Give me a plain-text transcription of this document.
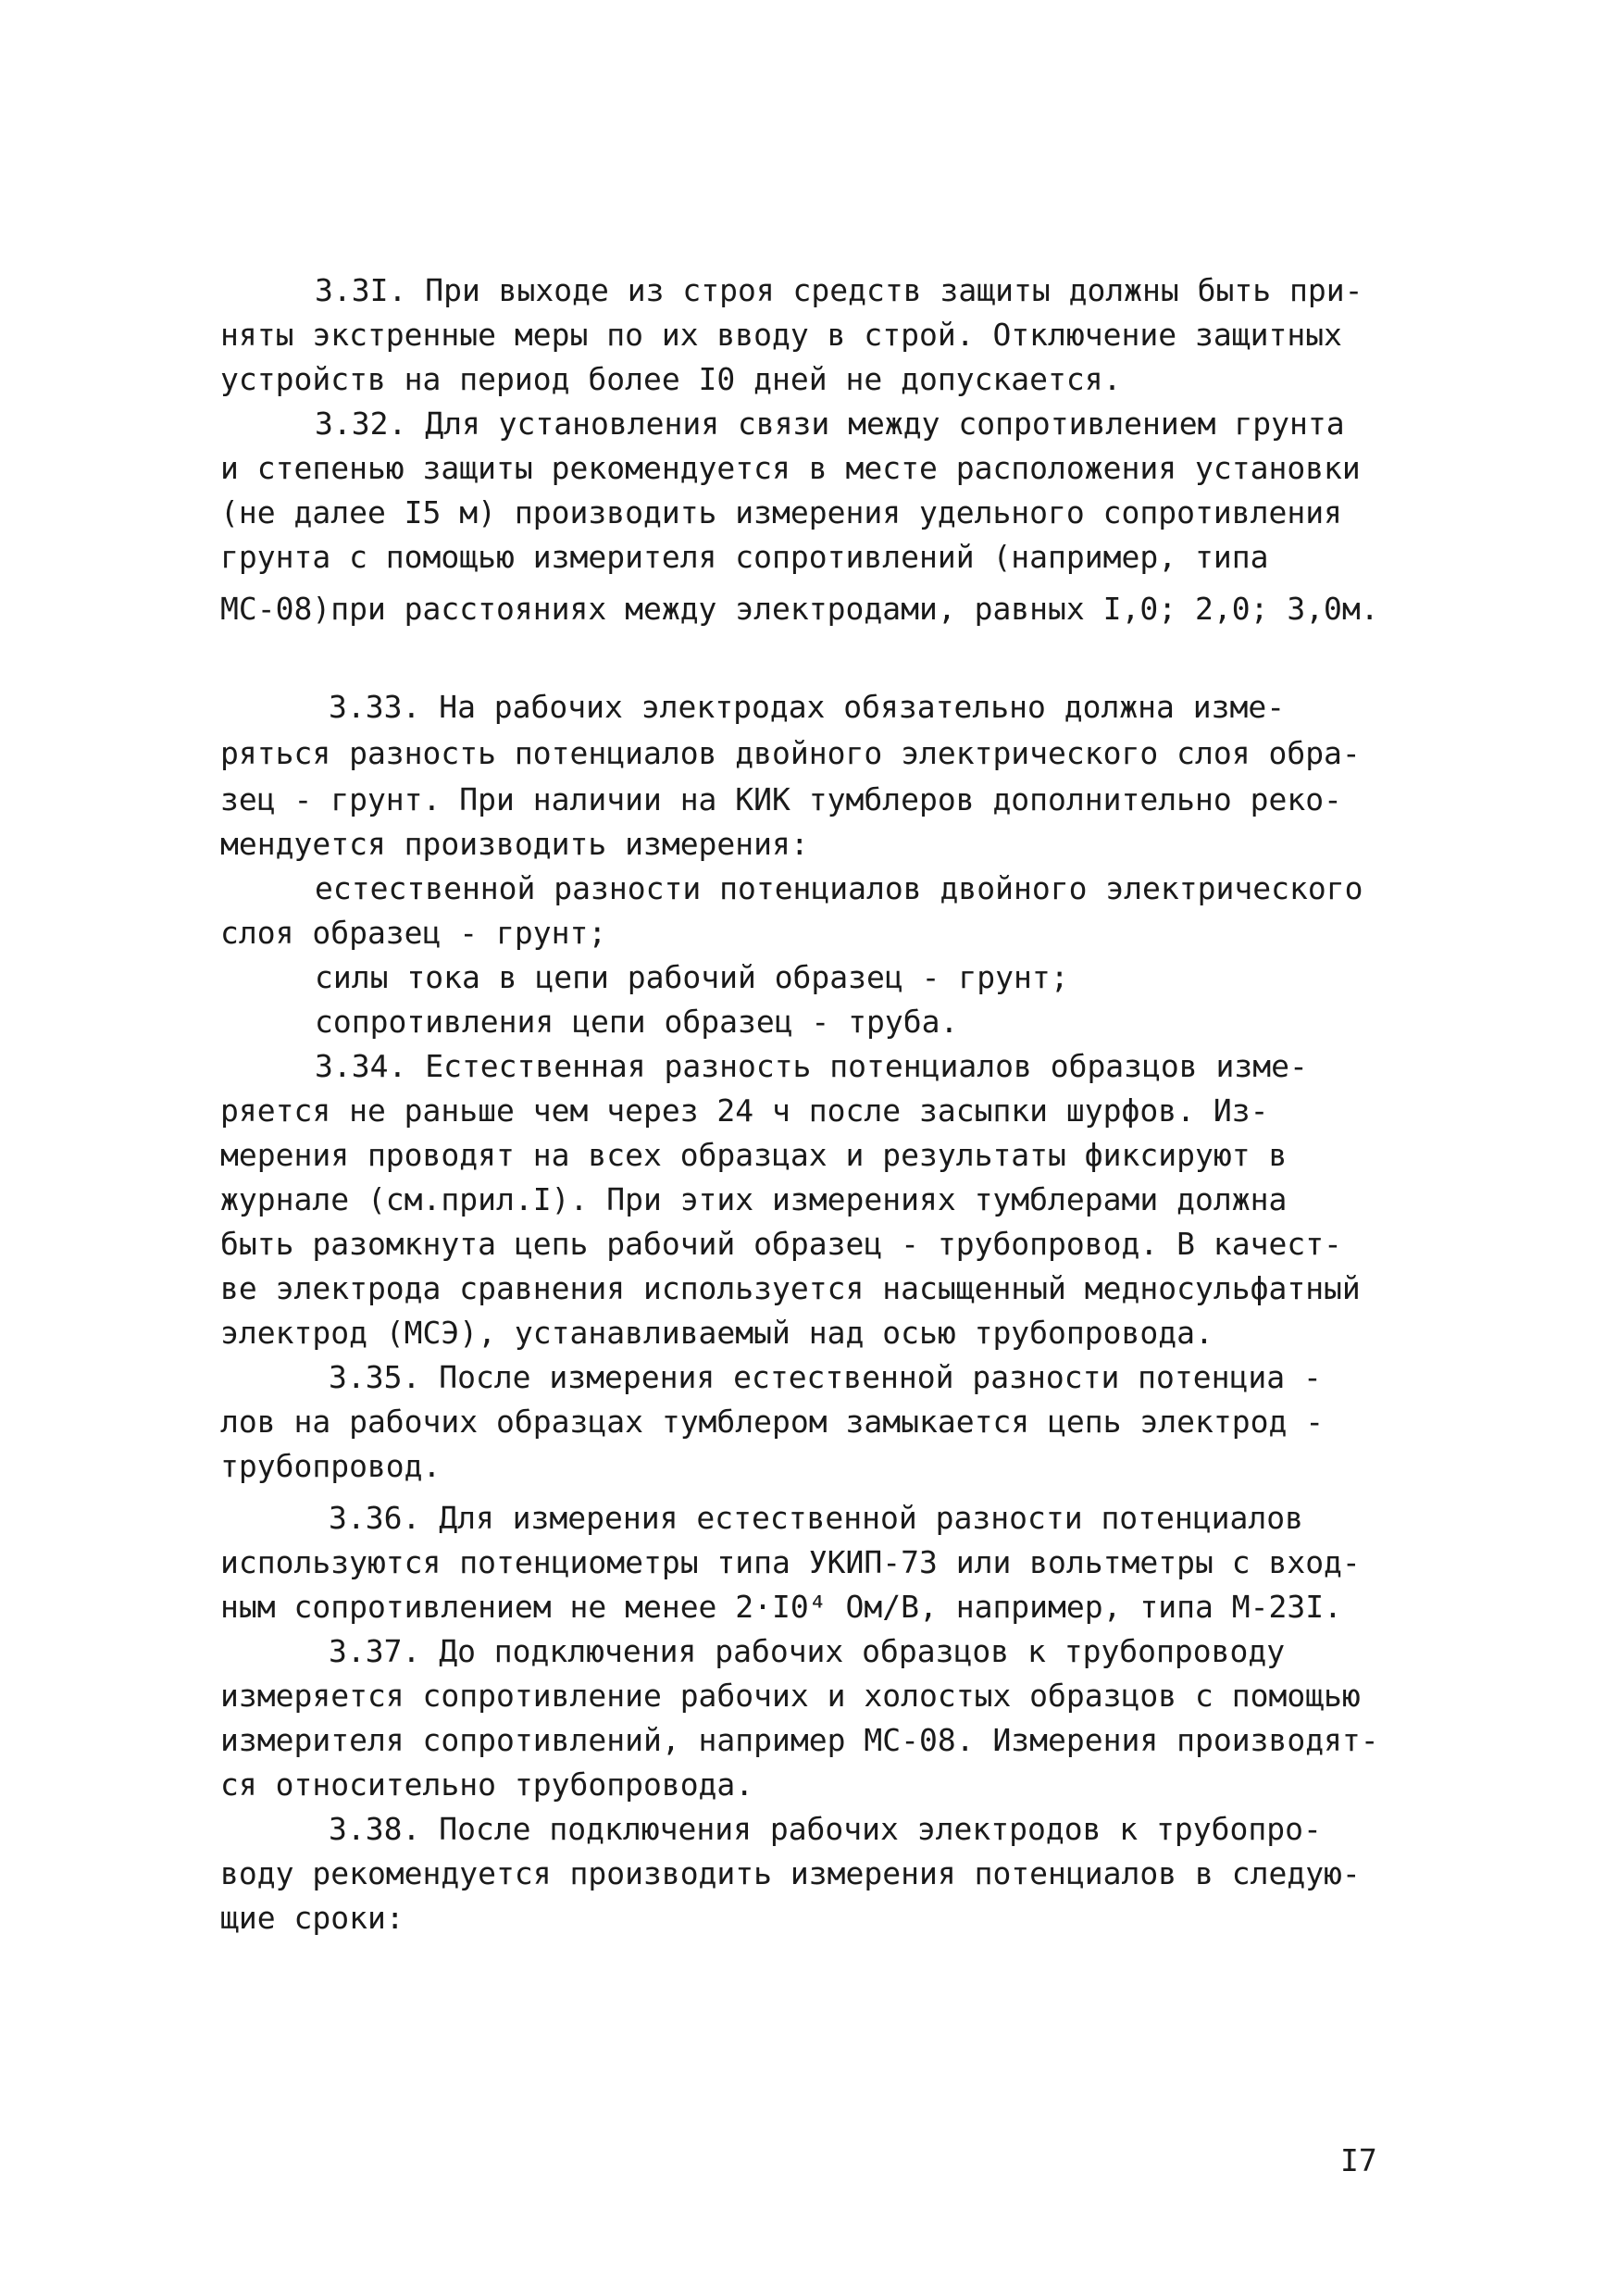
3.3I. При выходе из строя средств защиты должны быть при-
няты экстренные меры по их вводу в строй. Отключение защитных
устройств на период более I0 дней не допускается.
3.32. Для установления связи между сопротивлением грунта
и степенью защиты рекомендуется в месте расположения установки
(не далее I5 м) производить измерения удельного сопротивления
грунта с помощью измерителя сопротивлений (например, типа
МС-08)при расстояниях между электродами, равных I,0; 2,0; 3,0м.
3.33. На рабочих электродах обязательно должна изме-
ряться разность потенциалов двойного электрического слоя обра-
зец - грунт. При наличии на КИК тумблеров дополнительно реко-
мендуется производить измерения:
естественной разности потенциалов двойного электрического
слоя образец - грунт;
силы тока в цепи рабочий образец - грунт;
сопротивления цепи образец - труба.
3.34. Естественная разность потенциалов образцов изме-
ряется не раньше чем через 24 ч после засыпки шурфов. Из-
мерения проводят на всех образцах и результаты фиксируют в
журнале (см.прил.I). При этих измерениях тумблерами должна
быть разомкнута цепь рабочий образец - трубопровод. В качест-
ве электрода сравнения используется насыщенный медносульфатный
электрод (МСЭ), устанавливаемый над осью трубопровода.
3.35. После измерения естественной разности потенциа -
лов на рабочих образцах тумблером замыкается цепь электрод -
трубопровод.
3.36. Для измерения естественной разности потенциалов
используются потенциометры типа УКИП-73 или вольтметры с вход-
ным сопротивлением не менее 2·I0⁴ Ом/В, например, типа М-23I.
3.37. До подключения рабочих образцов к трубопроводу
измеряется сопротивление рабочих и холостых образцов с помощью
измерителя сопротивлений, например МС-08. Измерения производят-
ся относительно трубопровода.
3.38. После подключения рабочих электродов к трубопро-
воду рекомендуется производить измерения потенциалов в следую-
щие сроки:
I7
